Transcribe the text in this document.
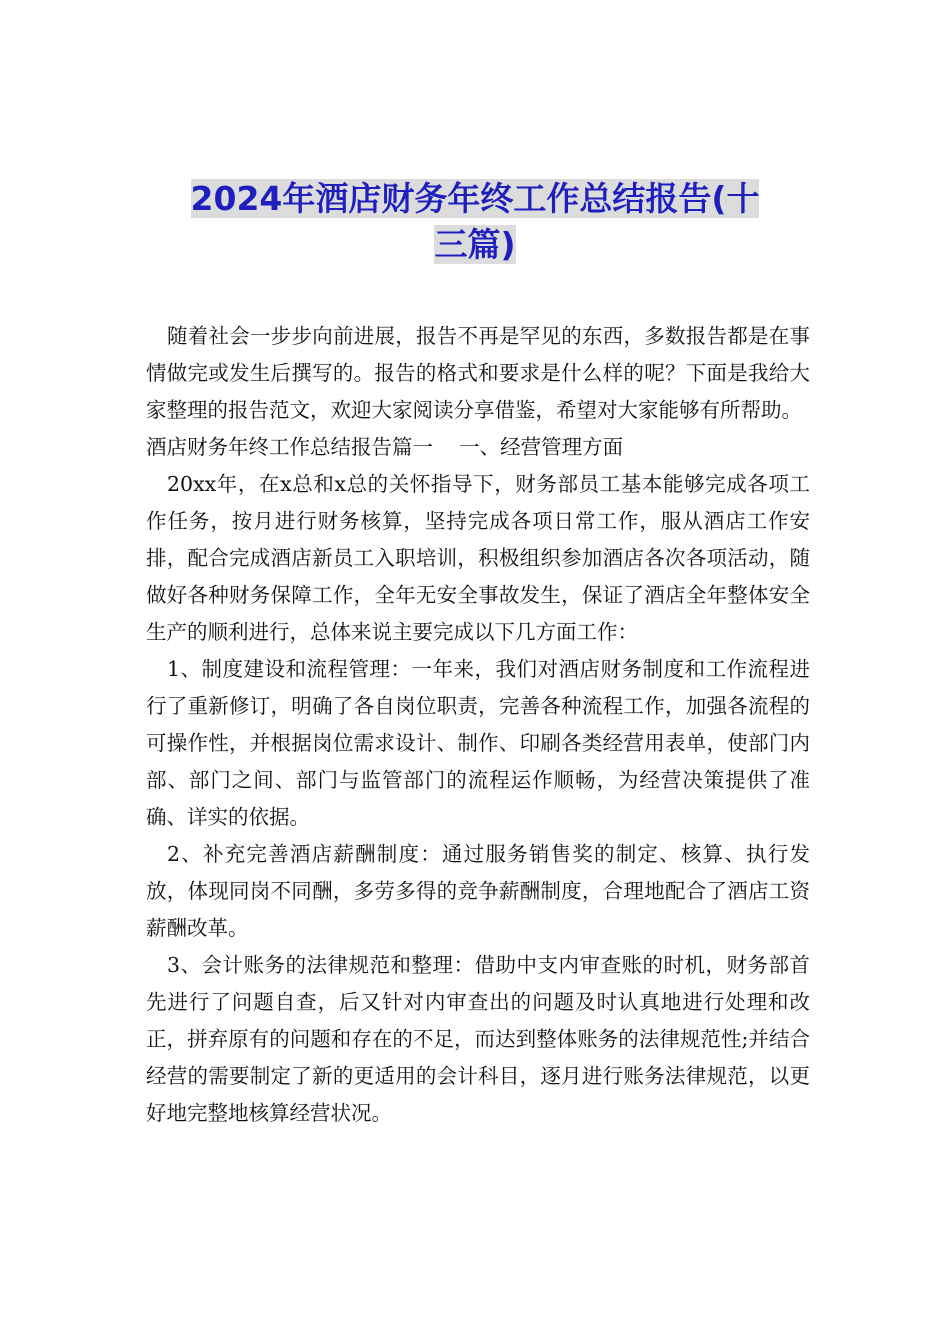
2024年酒店财务年终工作总结报告(十
三篇)

随着社会一步步向前进展，报告不再是罕见的东西，多数报告都是在事情做完或发生后撰写的。报告的格式和要求是什么样的呢？下面是我给大家整理的报告范文，欢迎大家阅读分享借鉴，希望对大家能够有所帮助。

酒店财务年终工作总结报告篇一    一、经营管理方面

20xx年，在x总和x总的关怀指导下，财务部员工基本能够完成各项工作任务，按月进行财务核算，坚持完成各项日常工作，服从酒店工作安排，配合完成酒店新员工入职培训，积极组织参加酒店各次各项活动，随做好各种财务保障工作，全年无安全事故发生，保证了酒店全年整体安全生产的顺利进行，总体来说主要完成以下几方面工作：

1、制度建设和流程管理：一年来，我们对酒店财务制度和工作流程进行了重新修订，明确了各自岗位职责，完善各种流程工作，加强各流程的可操作性，并根据岗位需求设计、制作、印刷各类经营用表单，使部门内部、部门之间、部门与监管部门的流程运作顺畅，为经营决策提供了准确、详实的依据。

2、补充完善酒店薪酬制度：通过服务销售奖的制定、核算、执行发放，体现同岗不同酬，多劳多得的竞争薪酬制度，合理地配合了酒店工资薪酬改革。

3、会计账务的法律规范和整理：借助中支内审查账的时机，财务部首先进行了问题自查，后又针对内审查出的问题及时认真地进行处理和改正，拼弃原有的问题和存在的不足，而达到整体账务的法律规范性;并结合经营的需要制定了新的更适用的会计科目，逐月进行账务法律规范，以更好地完整地核算经营状况。
